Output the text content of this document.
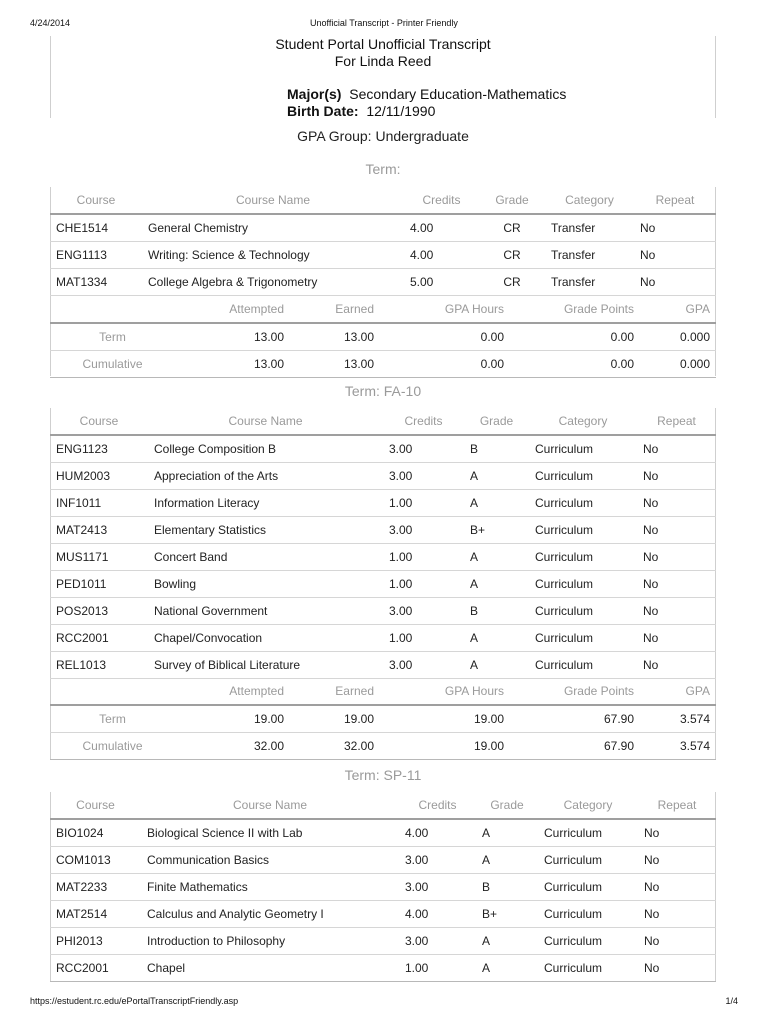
4/24/2014	Unofficial Transcript - Printer Friendly
Student Portal Unofficial Transcript
For Linda Reed
Major(s) Secondary Education-Mathematics
Birth Date: 12/11/1990
GPA Group: Undergraduate
Term:
Course	Course Name	Credits	Grade	Category	Repeat
CHE1514	General Chemistry	4.00	CR	Transfer	No
ENG1113	Writing: Science & Technology	4.00	CR	Transfer	No
MAT1334	College Algebra & Trigonometry	5.00	CR	Transfer	No
	Attempted	Earned	GPA Hours	Grade Points	GPA
Term	13.00	13.00	0.00	0.00	0.000
Cumulative	13.00	13.00	0.00	0.00	0.000
Term: FA-10
Course	Course Name	Credits	Grade	Category	Repeat
ENG1123	College Composition B	3.00	B	Curriculum	No
HUM2003	Appreciation of the Arts	3.00	A	Curriculum	No
INF1011	Information Literacy	1.00	A	Curriculum	No
MAT2413	Elementary Statistics	3.00	B+	Curriculum	No
MUS1171	Concert Band	1.00	A	Curriculum	No
PED1011	Bowling	1.00	A	Curriculum	No
POS2013	National Government	3.00	B	Curriculum	No
RCC2001	Chapel/Convocation	1.00	A	Curriculum	No
REL1013	Survey of Biblical Literature	3.00	A	Curriculum	No
	Attempted	Earned	GPA Hours	Grade Points	GPA
Term	19.00	19.00	19.00	67.90	3.574
Cumulative	32.00	32.00	19.00	67.90	3.574
Term: SP-11
Course	Course Name	Credits	Grade	Category	Repeat
BIO1024	Biological Science II with Lab	4.00	A	Curriculum	No
COM1013	Communication Basics	3.00	A	Curriculum	No
MAT2233	Finite Mathematics	3.00	B	Curriculum	No
MAT2514	Calculus and Analytic Geometry I	4.00	B+	Curriculum	No
PHI2013	Introduction to Philosophy	3.00	A	Curriculum	No
RCC2001	Chapel	1.00	A	Curriculum	No
https://estudent.rc.edu/ePortalTranscriptFriendly.asp	1/4
